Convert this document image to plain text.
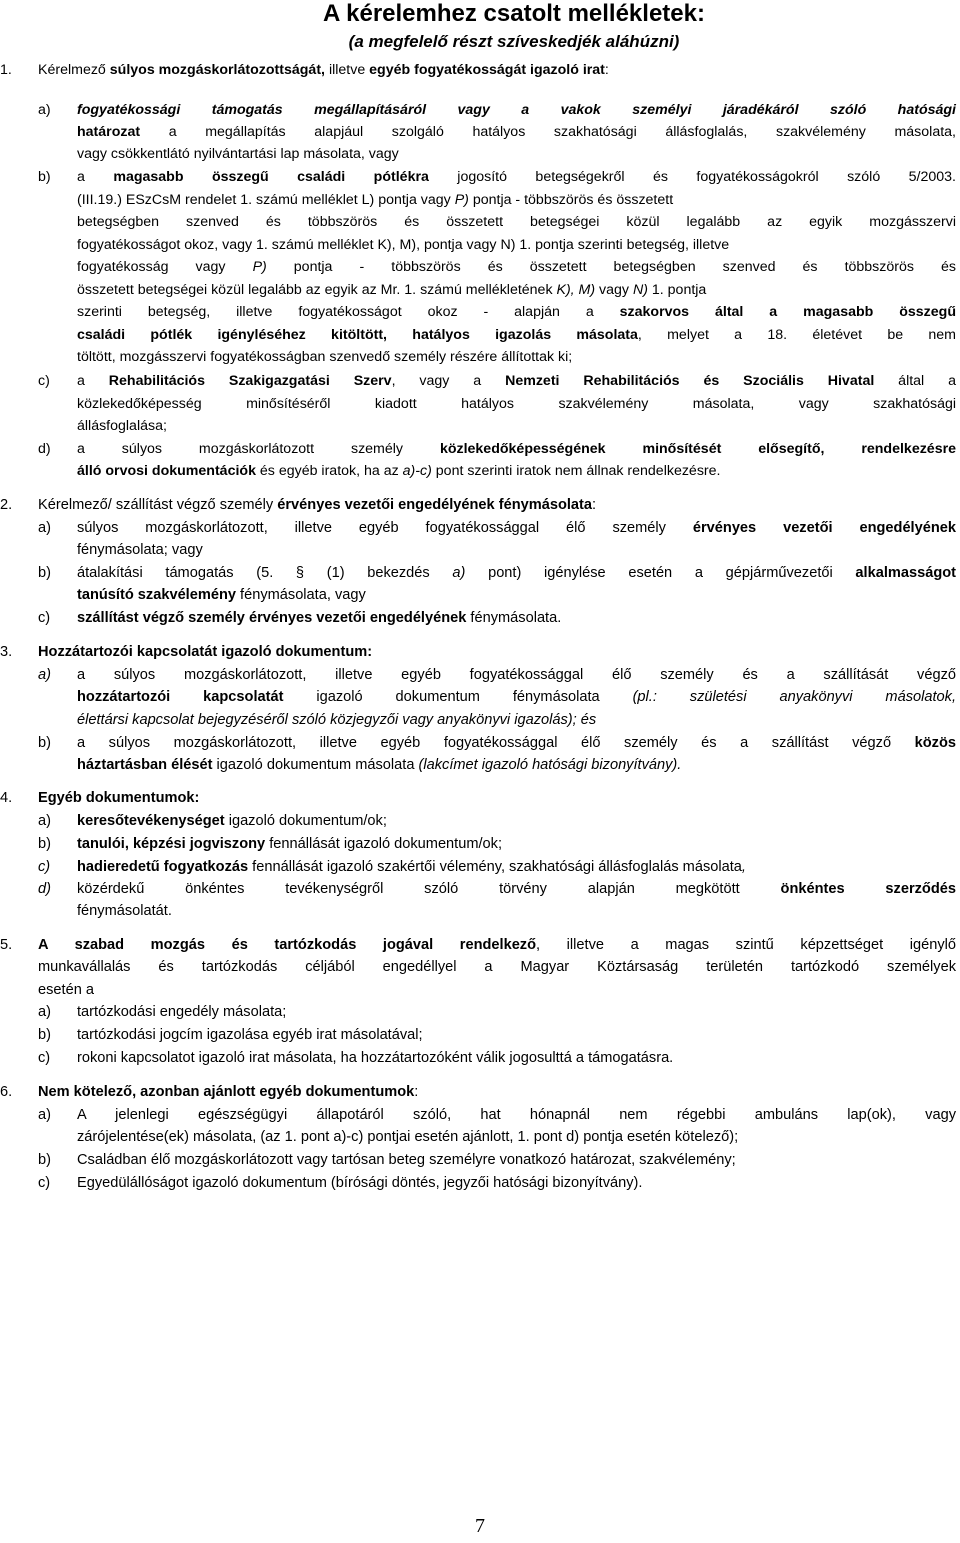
A kérelemhez csatolt mellékletek:

(a megfelelő részt szíveskedjék aláhúzni)

1. Kérelmező súlyos mozgáskorlátozottságát, illetve egyéb fogyatékosságát igazoló irat:
a) fogyatékossági támogatás megállapításáról vagy a vakok személyi járadékáról szóló hatósági
határozat a megállapítás alapjául szolgáló hatályos szakhatósági állásfoglalás, szakvélemény másolata,
vagy csökkentlátó nyilvántartási lap másolata, vagy
b) a magasabb összegű családi pótlékra jogosító betegségekről és fogyatékosságokról szóló 5/2003.
(III.19.) ESzCsM rendelet 1. számú melléklet L) pontja vagy P) pontja - többszörös és összetett
betegségben szenved és többszörös és összetett betegségei közül legalább az egyik mozgásszervi
fogyatékosságot okoz, vagy 1. számú melléklet K), M), pontja vagy N) 1. pontja szerinti betegség, illetve
fogyatékosság vagy P) pontja - többszörös és összetett betegségben szenved és többszörös és
összetett betegségei közül legalább az egyik az Mr. 1. számú mellékletének K), M) vagy N) 1. pontja
szerinti betegség, illetve fogyatékosságot okoz - alapján a szakorvos által a magasabb összegű
családi pótlék igényléséhez kitöltött, hatályos igazolás másolata, melyet a 18. életévet be nem
töltött, mozgásszervi fogyatékosságban szenvedő személy részére állítottak ki;
c) a Rehabilitációs Szakigazgatási Szerv, vagy a Nemzeti Rehabilitációs és Szociális Hivatal által a
közlekedőképesség minősítéséről kiadott hatályos szakvélemény másolata, vagy szakhatósági
állásfoglalása;
d) a súlyos mozgáskorlátozott személy közlekedőképességének minősítését elősegítő, rendelkezésre
álló orvosi dokumentációk és egyéb iratok, ha az a)-c) pont szerinti iratok nem állnak rendelkezésre.
2. Kérelmező/ szállítást végző személy érvényes vezetői engedélyének fénymásolata:
a) súlyos mozgáskorlátozott, illetve egyéb fogyatékossággal élő személy érvényes vezetői engedélyének
fénymásolata; vagy
b) átalakítási támogatás (5. § (1) bekezdés a) pont) igénylése esetén a gépjárművezetői alkalmasságot
tanúsító szakvélemény fénymásolata, vagy
c) szállítást végző személy érvényes vezetői engedélyének fénymásolata.
3. Hozzátartozói kapcsolatát igazoló dokumentum:
a) a súlyos mozgáskorlátozott, illetve egyéb fogyatékossággal élő személy és a szállítását végző
hozzátartozói kapcsolatát igazoló dokumentum fénymásolata (pl.: születési anyakönyvi másolatok,
élettársi kapcsolat bejegyzéséről szóló közjegyzői vagy anyakönyvi igazolás); és
b) a súlyos mozgáskorlátozott, illetve egyéb fogyatékossággal élő személy és a szállítást végző közös
háztartásban élését igazoló dokumentum másolata (lakcímet igazoló hatósági bizonyítvány).
4. Egyéb dokumentumok:
a) keresőtevékenységet igazoló dokumentum/ok;
b) tanulói, képzési jogviszony fennállását igazoló dokumentum/ok;
c) hadieredetű fogyatkozás fennállását igazoló szakértői vélemény, szakhatósági állásfoglalás másolata,
d) közérdekű önkéntes tevékenységről szóló törvény alapján megkötött önkéntes szerződés
fénymásolatát.
5. A szabad mozgás és tartózkodás jogával rendelkező, illetve a magas szintű képzettséget igénylő
munkavállalás és tartózkodás céljából engedéllyel a Magyar Köztársaság területén tartózkodó személyek
esetén a
a) tartózkodási engedély másolata;
b) tartózkodási jogcím igazolása egyéb irat másolatával;
c) rokoni kapcsolatot igazoló irat másolata, ha hozzátartozóként válik jogosulttá a támogatásra.
6. Nem kötelező, azonban ajánlott egyéb dokumentumok:
a) A jelenlegi egészségügyi állapotáról szóló, hat hónapnál nem régebbi ambuláns lap(ok), vagy
zárójelentése(ek) másolata, (az 1. pont a)-c) pontjai esetén ajánlott, 1. pont d) pontja esetén kötelező);
b) Családban élő mozgáskorlátozott vagy tartósan beteg személyre vonatkozó határozat, szakvélemény;
c) Egyedülállóságot igazoló dokumentum (bírósági döntés, jegyzői hatósági bizonyítvány).
7
